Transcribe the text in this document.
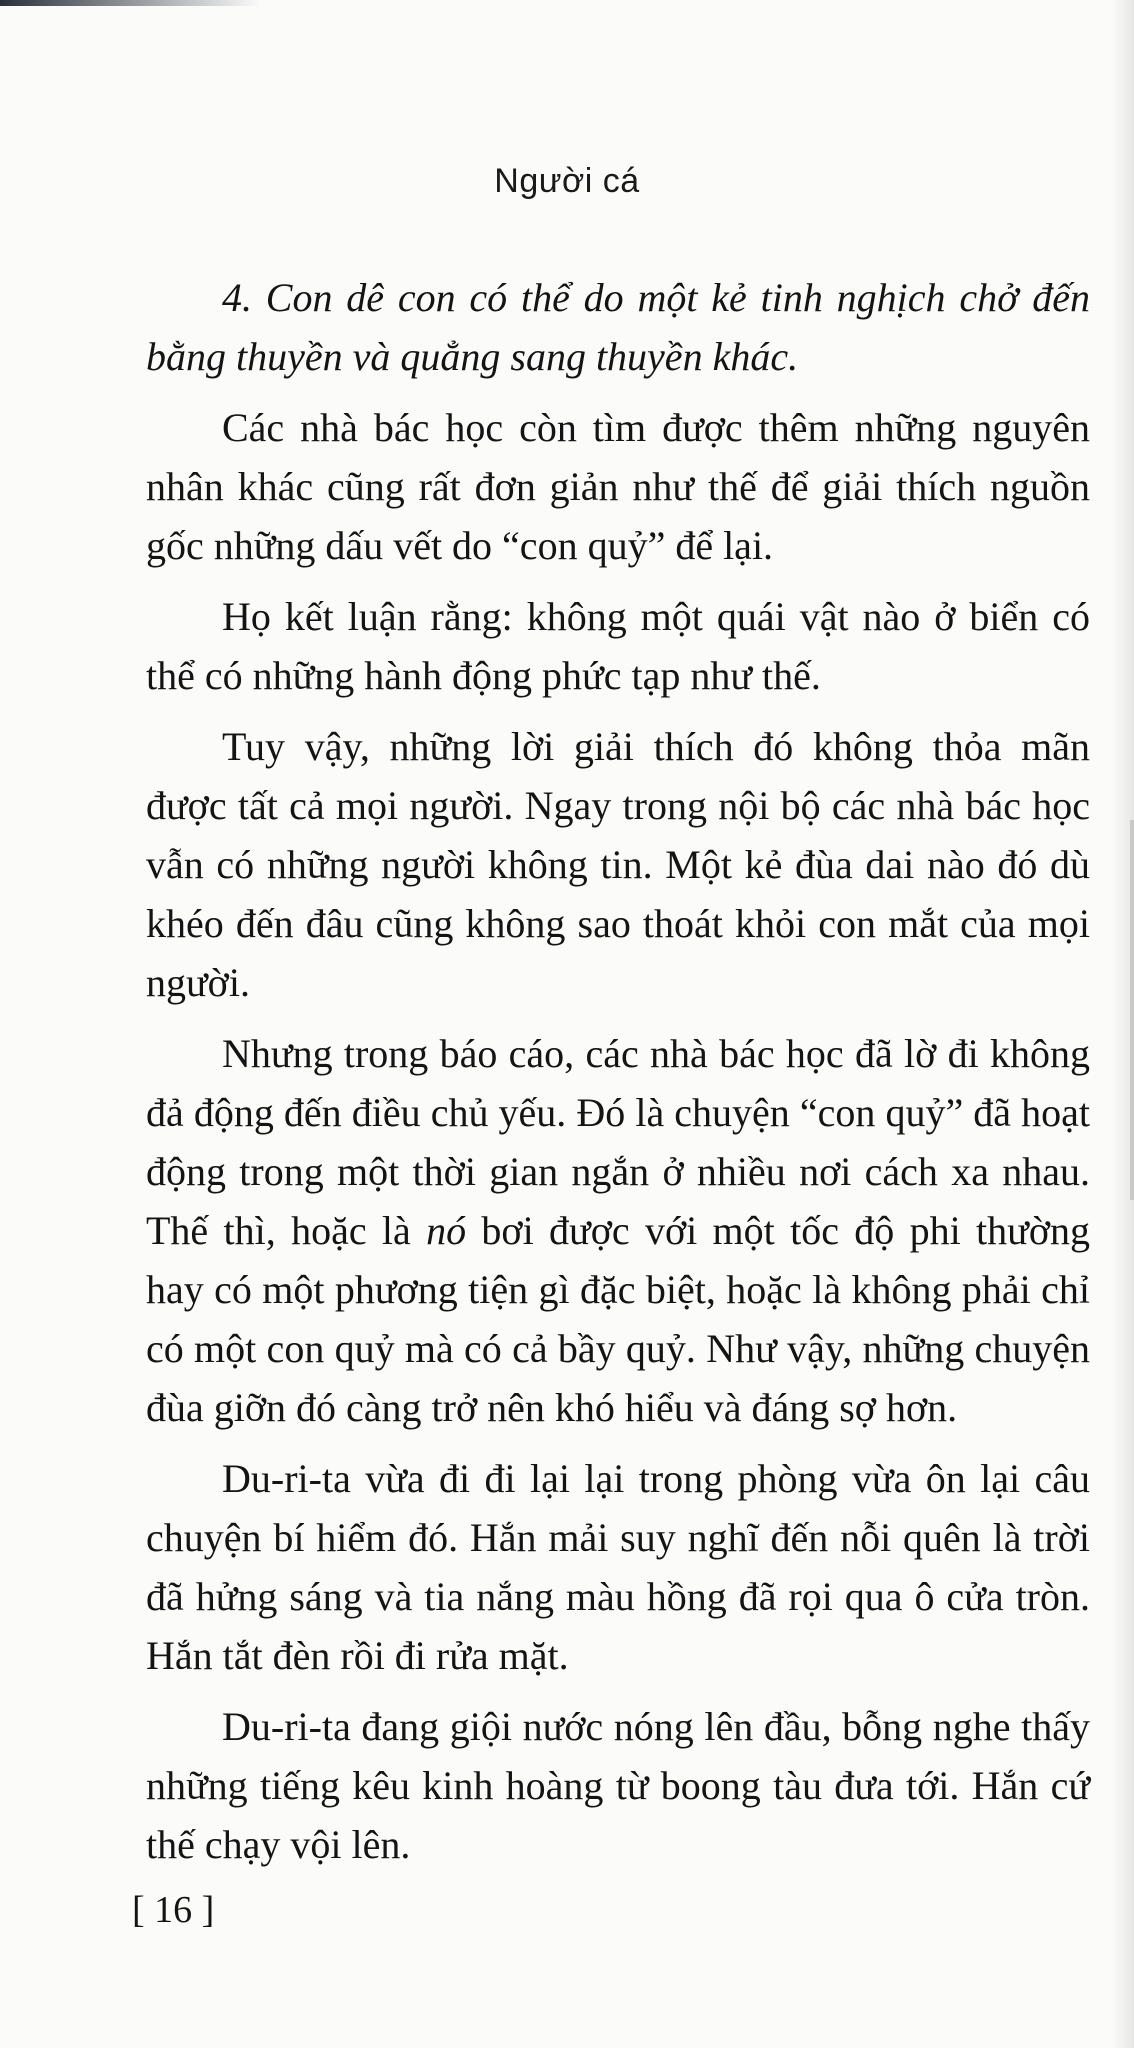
Người cá

4. Con dê con có thể do một kẻ tinh nghịch chở đến bằng thuyền và quẳng sang thuyền khác.

Các nhà bác học còn tìm được thêm những nguyên nhân khác cũng rất đơn giản như thế để giải thích nguồn gốc những dấu vết do “con quỷ” để lại.

Họ kết luận rằng: không một quái vật nào ở biển có thể có những hành động phức tạp như thế.

Tuy vậy, những lời giải thích đó không thỏa mãn được tất cả mọi người. Ngay trong nội bộ các nhà bác học vẫn có những người không tin. Một kẻ đùa dai nào đó dù khéo đến đâu cũng không sao thoát khỏi con mắt của mọi người.

Nhưng trong báo cáo, các nhà bác học đã lờ đi không đả động đến điều chủ yếu. Đó là chuyện “con quỷ” đã hoạt động trong một thời gian ngắn ở nhiều nơi cách xa nhau. Thế thì, hoặc là nó bơi được với một tốc độ phi thường hay có một phương tiện gì đặc biệt, hoặc là không phải chỉ có một con quỷ mà có cả bầy quỷ. Như vậy, những chuyện đùa giỡn đó càng trở nên khó hiểu và đáng sợ hơn.

Du-ri-ta vừa đi đi lại lại trong phòng vừa ôn lại câu chuyện bí hiểm đó. Hắn mải suy nghĩ đến nỗi quên là trời đã hửng sáng và tia nắng màu hồng đã rọi qua ô cửa tròn. Hắn tắt đèn rồi đi rửa mặt.

Du-ri-ta đang giội nước nóng lên đầu, bỗng nghe thấy những tiếng kêu kinh hoàng từ boong tàu đưa tới. Hắn cứ thế chạy vội lên.

[ 16 ]
